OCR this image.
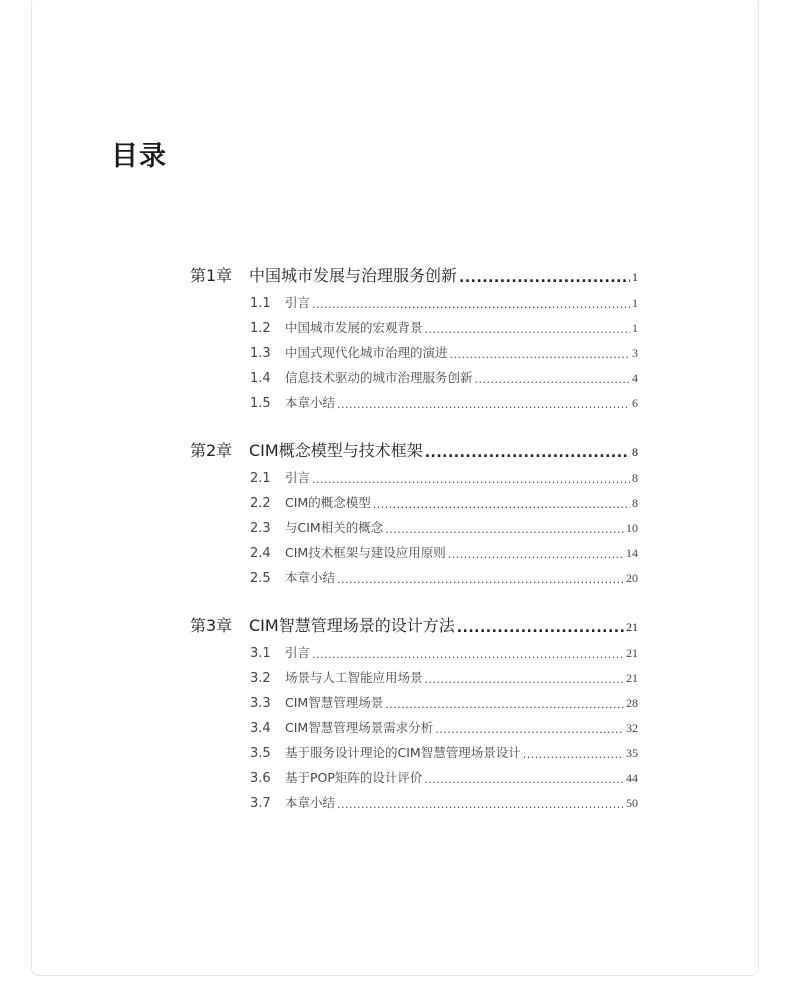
目录
第1章	中国城市发展与治理服务创新 .....	1
1.1	引言 .....	1
1.2	中国城市发展的宏观背景 .....	1
1.3	中国式现代化城市治理的演进 .....	3
1.4	信息技术驱动的城市治理服务创新 .....	4
1.5	本章小结 .....	6
第2章	CIM概念模型与技术框架 .....	8
2.1	引言 .....	8
2.2	CIM的概念模型 .....	8
2.3	与CIM相关的概念 .....	10
2.4	CIM技术框架与建设应用原则 .....	14
2.5	本章小结 .....	20
第3章	CIM智慧管理场景的设计方法 .....	21
3.1	引言 .....	21
3.2	场景与人工智能应用场景 .....	21
3.3	CIM智慧管理场景 .....	28
3.4	CIM智慧管理场景需求分析 .....	32
3.5	基于服务设计理论的CIM智慧管理场景设计 .....	35
3.6	基于POP矩阵的设计评价 .....	44
3.7	本章小结 .....	50
